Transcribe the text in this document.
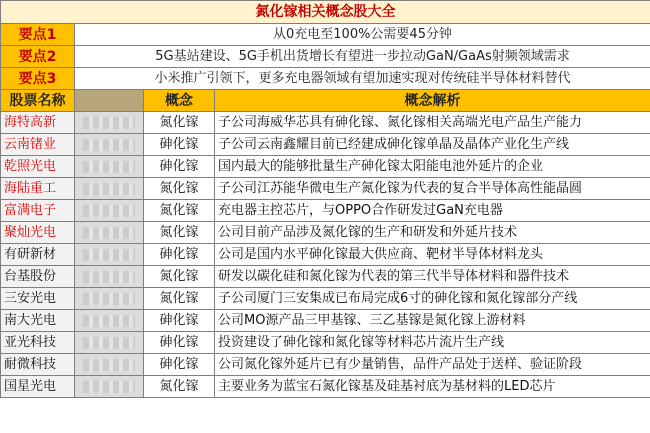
氮化镓相关概念股大全			
要点1	从0充电至100%公需要45分钟		
要点2	5G基站建设、5G手机出货增长有望进一步拉动GaN/GaAs射频领域需求		
要点3	小米推广引领下，更多充电器领域有望加速实现对传统硅半导体材料替代		
股票名称		概念	概念解析
海特高新		氮化镓	子公司海威华芯具有砷化镓、氮化镓相关高端光电产品生产能力
云南锗业		砷化镓	子公司云南鑫耀目前已经建成砷化镓单晶及晶体产业化生产线
乾照光电		砷化镓	国内最大的能够批量生产砷化镓太阳能电池外延片的企业
海陆重工		氮化镓	子公司江苏能华微电生产氮化镓为代表的复合半导体高性能晶圆
富满电子		氮化镓	充电器主控芯片，与OPPO合作研发过GaN充电器
聚灿光电		氮化镓	公司目前产品涉及氮化镓的生产和研发和外延片技术
有研新材		砷化镓	公司是国内水平砷化镓最大供应商、靶材半导体材料龙头
台基股份		氮化镓	研发以碳化硅和氮化镓为代表的第三代半导体材料和器件技术
三安光电		氮化镓	子公司厦门三安集成已布局完成6寸的砷化镓和氮化镓部分产线
南大光电		砷化镓	公司MO源产品三甲基镓、三乙基镓是氮化镓上游材料
亚光科技		砷化镓	投资建设了砷化镓和氮化镓等材料芯片流片生产线
耐微科技		砷化镓	公司氮化镓外延片已有少量销售，品件产品处于送样、验证阶段
国星光电		氮化镓	主要业务为蓝宝石氮化镓基及硅基衬底为基材料的LED芯片
